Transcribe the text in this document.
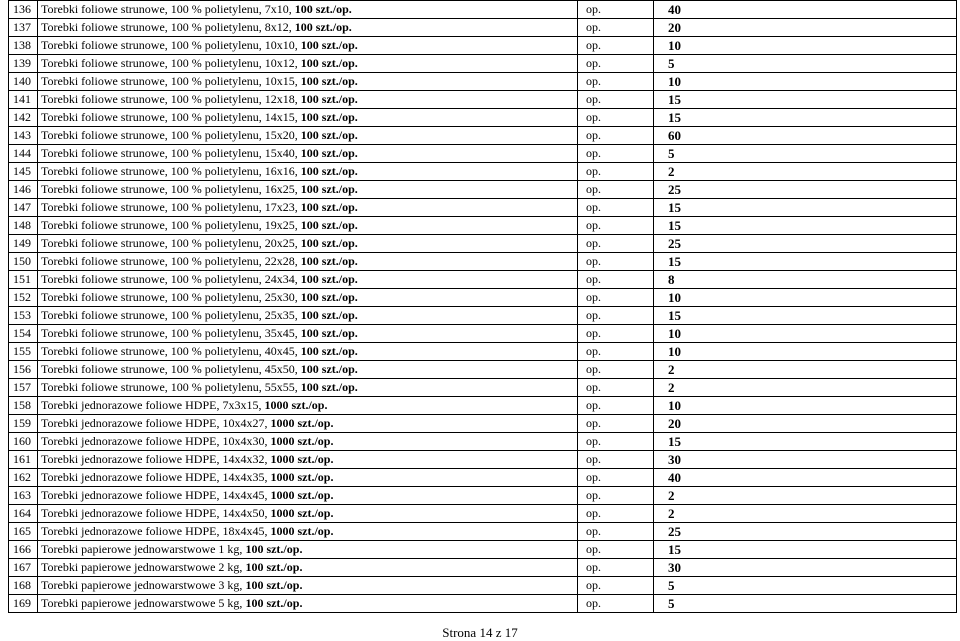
136	Torebki foliowe strunowe, 100 % polietylenu, 7x10, 100 szt./op.	op.	40
137	Torebki foliowe strunowe, 100 % polietylenu, 8x12, 100 szt./op.	op.	20
138	Torebki foliowe strunowe, 100 % polietylenu, 10x10, 100 szt./op.	op.	10
139	Torebki foliowe strunowe, 100 % polietylenu, 10x12, 100 szt./op.	op.	5
140	Torebki foliowe strunowe, 100 % polietylenu, 10x15, 100 szt./op.	op.	10
141	Torebki foliowe strunowe, 100 % polietylenu, 12x18, 100 szt./op.	op.	15
142	Torebki foliowe strunowe, 100 % polietylenu, 14x15, 100 szt./op.	op.	15
143	Torebki foliowe strunowe, 100 % polietylenu, 15x20, 100 szt./op.	op.	60
144	Torebki foliowe strunowe, 100 % polietylenu, 15x40, 100 szt./op.	op.	5
145	Torebki foliowe strunowe, 100 % polietylenu, 16x16, 100 szt./op.	op.	2
146	Torebki foliowe strunowe, 100 % polietylenu, 16x25, 100 szt./op.	op.	25
147	Torebki foliowe strunowe, 100 % polietylenu, 17x23, 100 szt./op.	op.	15
148	Torebki foliowe strunowe, 100 % polietylenu, 19x25, 100 szt./op.	op.	15
149	Torebki foliowe strunowe, 100 % polietylenu, 20x25, 100 szt./op.	op.	25
150	Torebki foliowe strunowe, 100 % polietylenu, 22x28, 100 szt./op.	op.	15
151	Torebki foliowe strunowe, 100 % polietylenu, 24x34, 100 szt./op.	op.	8
152	Torebki foliowe strunowe, 100 % polietylenu, 25x30, 100 szt./op.	op.	10
153	Torebki foliowe strunowe, 100 % polietylenu, 25x35, 100 szt./op.	op.	15
154	Torebki foliowe strunowe, 100 % polietylenu, 35x45, 100 szt./op.	op.	10
155	Torebki foliowe strunowe, 100 % polietylenu, 40x45, 100 szt./op.	op.	10
156	Torebki foliowe strunowe, 100 % polietylenu, 45x50, 100 szt./op.	op.	2
157	Torebki foliowe strunowe, 100 % polietylenu, 55x55, 100 szt./op.	op.	2
158	Torebki jednorazowe foliowe HDPE, 7x3x15, 1000 szt./op.	op.	10
159	Torebki jednorazowe foliowe HDPE, 10x4x27, 1000 szt./op.	op.	20
160	Torebki jednorazowe foliowe HDPE, 10x4x30, 1000 szt./op.	op.	15
161	Torebki jednorazowe foliowe HDPE, 14x4x32, 1000 szt./op.	op.	30
162	Torebki jednorazowe foliowe HDPE, 14x4x35, 1000 szt./op.	op.	40
163	Torebki jednorazowe foliowe HDPE, 14x4x45, 1000 szt./op.	op.	2
164	Torebki jednorazowe foliowe HDPE, 14x4x50, 1000 szt./op.	op.	2
165	Torebki jednorazowe foliowe HDPE, 18x4x45, 1000 szt./op.	op.	25
166	Torebki papierowe jednowarstwowe 1 kg, 100 szt./op.	op.	15
167	Torebki papierowe jednowarstwowe 2 kg, 100 szt./op.	op.	30
168	Torebki papierowe jednowarstwowe 3 kg, 100 szt./op.	op.	5
169	Torebki papierowe jednowarstwowe 5 kg, 100 szt./op.	op.	5
Strona 14 z 17
